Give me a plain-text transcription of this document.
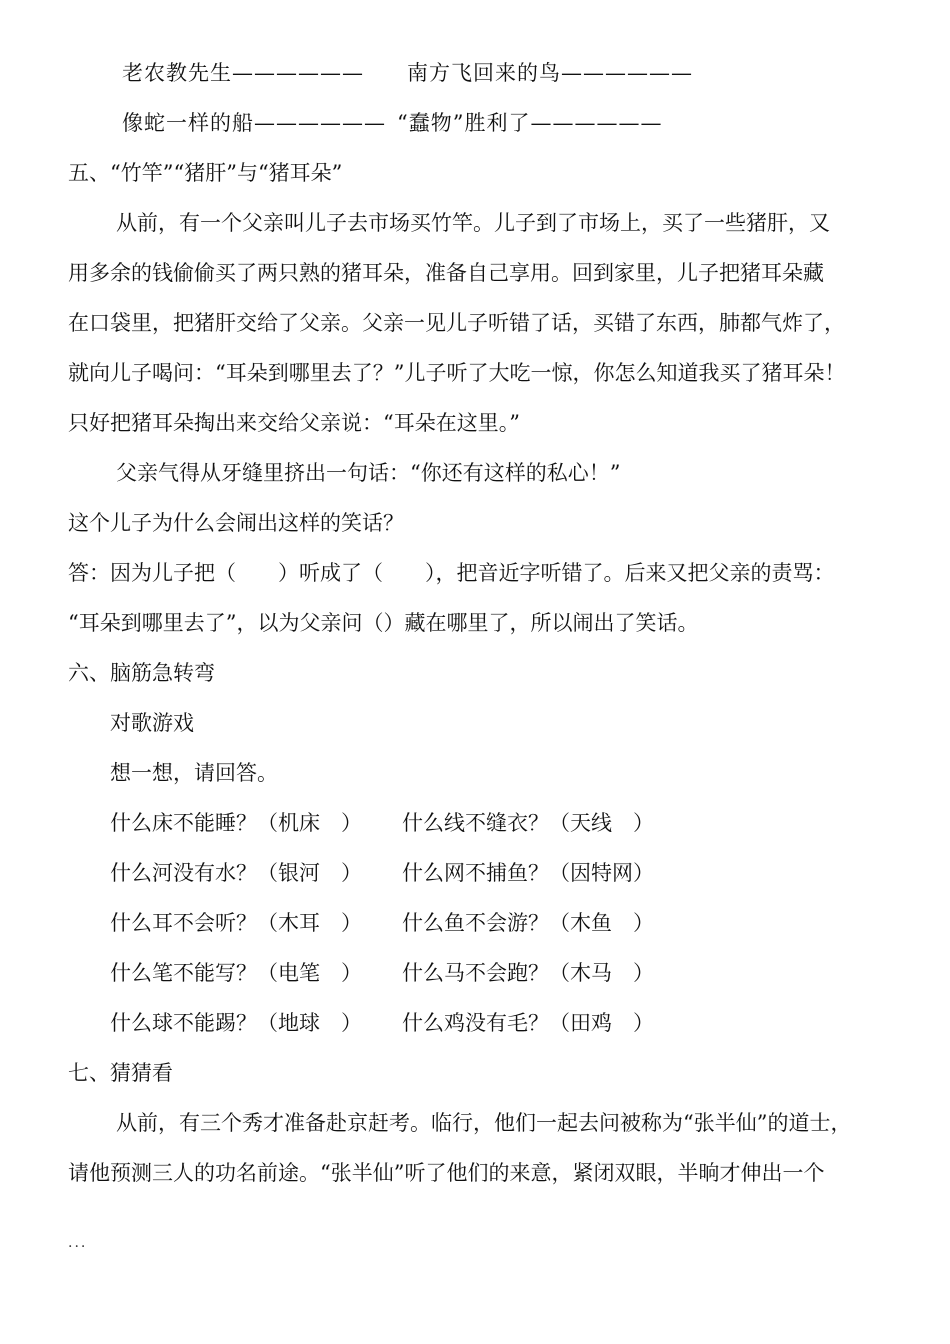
老农教先生—————— 南方飞回来的鸟——————
像蛇一样的船—————— “蠢物”胜利了——————
五、“竹竿”“猪肝”与“猪耳朵”
从前，有一个父亲叫儿子去市场买竹竿。儿子到了市场上，买了一些猪肝，又
用多余的钱偷偷买了两只熟的猪耳朵，准备自己享用。回到家里，儿子把猪耳朵藏
在口袋里，把猪肝交给了父亲。父亲一见儿子听错了话，买错了东西，肺都气炸了，
就向儿子喝问：“耳朵到哪里去了？”儿子听了大吃一惊，你怎么知道我买了猪耳朵！
只好把猪耳朵掏出来交给父亲说：“耳朵在这里。”
父亲气得从牙缝里挤出一句话：“你还有这样的私心！”
这个儿子为什么会闹出这样的笑话？
答：因为儿子把（　　）听成了（　　），把音近字听错了。后来又把父亲的责骂：
“耳朵到哪里去了”，以为父亲问（）藏在哪里了，所以闹出了笑话。
六、脑筋急转弯
对歌游戏
想一想，请回答。
什么床不能睡？（机床　） 什么线不缝衣？（天线　）
什么河没有水？（银河　） 什么网不捕鱼？（因特网）
什么耳不会听？（木耳　） 什么鱼不会游？（木鱼　）
什么笔不能写？（电笔　） 什么马不会跑？（木马　）
什么球不能踢？（地球　） 什么鸡没有毛？（田鸡　）
七、猜猜看
从前，有三个秀才准备赴京赶考。临行，他们一起去问被称为“张半仙”的道士，
请他预测三人的功名前途。“张半仙”听了他们的来意，紧闭双眼，半晌才伸出一个
...
